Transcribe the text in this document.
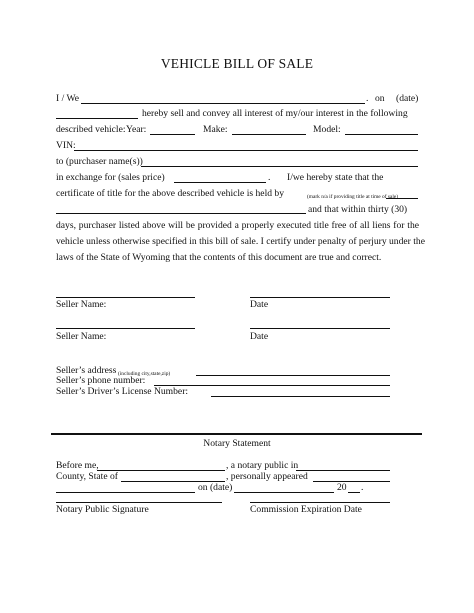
VEHICLE BILL OF SALE
I / We	. on (date)
hereby sell and convey all interest of my/our interest in the following
described vehicle: Year:	Make:	Model:
VIN:
to (purchaser name(s))
in exchange for (sales price)	. I/we hereby state that the
certificate of title for the above described vehicle is held by	(mark n/a if providing title at time of sale)
and that within thirty (30)
days, purchaser listed above will be provided a properly executed title free of all liens for the
vehicle unless otherwise specified in this bill of sale. I certify under penalty of perjury under the
laws of the State of Wyoming that the contents of this document are true and correct.
Seller Name:	Date
Seller Name:	Date
Seller’s address (including city,state,zip)
Seller’s phone number:
Seller’s Driver’s License Number:
Notary Statement
Before me,	, a notary public in
County, State of	, personally appeared
on (date)	20 .
Notary Public Signature	Commission Expiration Date
